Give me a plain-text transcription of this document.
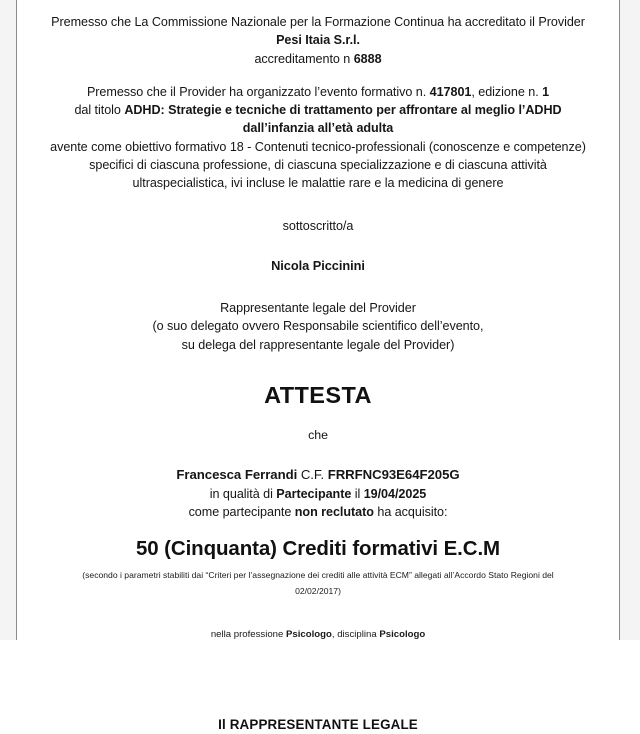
Premesso che La Commissione Nazionale per la Formazione Continua ha accreditato il Provider
Pesi Itaia S.r.l.
accreditamento n 6888
Premesso che il Provider ha organizzato l’evento formativo n. 417801, edizione n. 1
dal titolo ADHD: Strategie e tecniche di trattamento per affrontare al meglio l’ADHD
dall’infanzia all’età adulta
avente come obiettivo formativo 18 - Contenuti tecnico-professionali (conoscenze e competenze)
specifici di ciascuna professione, di ciascuna specializzazione e di ciascuna attività
ultraspecialistica, ivi incluse le malattie rare e la medicina di genere
sottoscritto/a
Nicola Piccinini
Rappresentante legale del Provider
(o suo delegato ovvero Responsabile scientifico dell’evento,
su delega del rappresentante legale del Provider)
ATTESTA
che
Francesca Ferrandi C.F. FRRFNC93E64F205G
in qualità di Partecipante il 19/04/2025
come partecipante non reclutato ha acquisito:
50 (Cinquanta) Crediti formativi E.C.M
(secondo i parametri stabiliti dai “Criteri per l’assegnazione dei crediti alle attività ECM” allegati all’Accordo Stato Regioni del
02/02/2017)
nella professione Psicologo, disciplina Psicologo
Il RAPPRESENTANTE LEGALE
